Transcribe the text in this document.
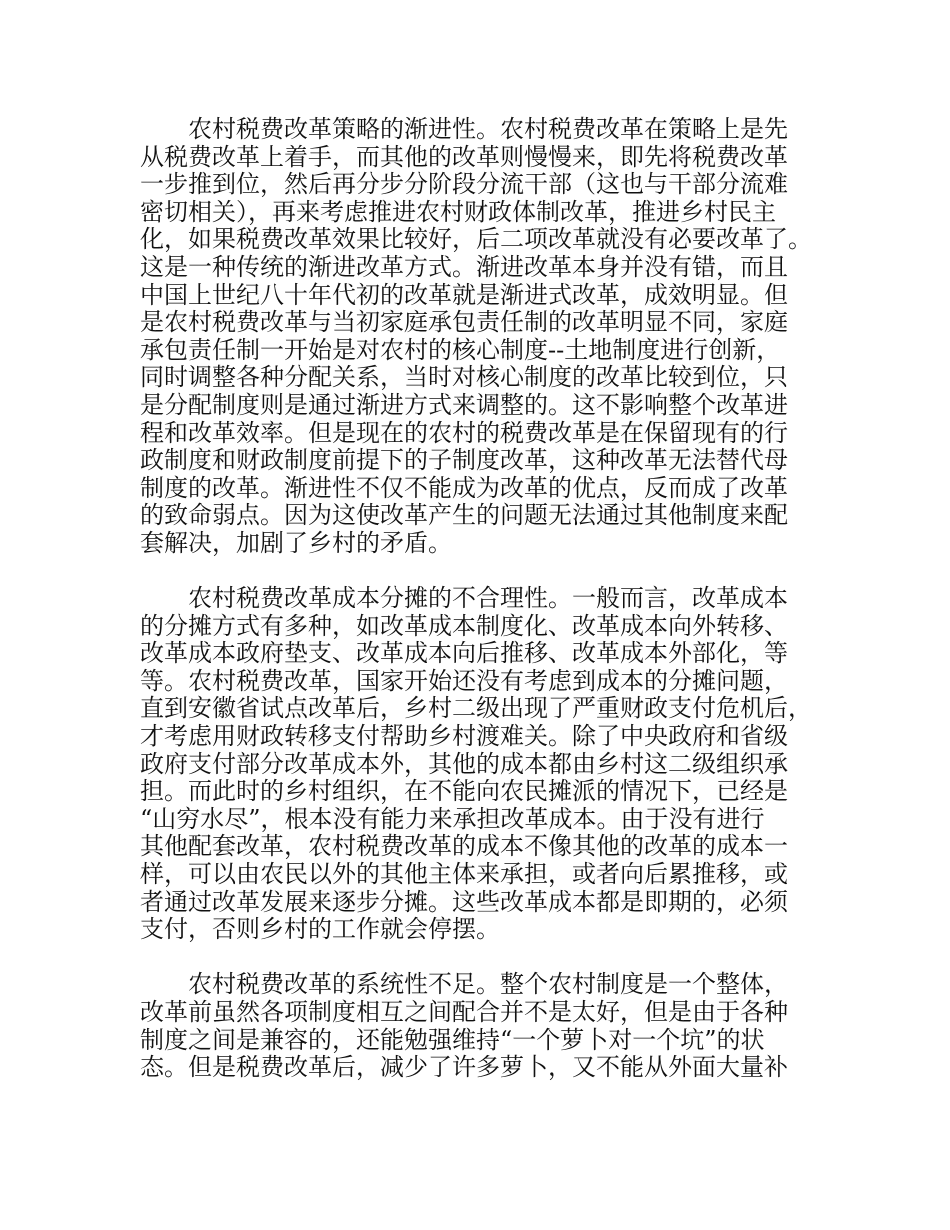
农村税费改革策略的渐进性。农村税费改革在策略上是先
从税费改革上着手，而其他的改革则慢慢来，即先将税费改革
一步推到位，然后再分步分阶段分流干部（这也与干部分流难
密切相关），再来考虑推进农村财政体制改革，推进乡村民主
化，如果税费改革效果比较好，后二项改革就没有必要改革了。
这是一种传统的渐进改革方式。渐进改革本身并没有错，而且
中国上世纪八十年代初的改革就是渐进式改革，成效明显。但
是农村税费改革与当初家庭承包责任制的改革明显不同，家庭
承包责任制一开始是对农村的核心制度--土地制度进行创新，
同时调整各种分配关系，当时对核心制度的改革比较到位，只
是分配制度则是通过渐进方式来调整的。这不影响整个改革进
程和改革效率。但是现在的农村的税费改革是在保留现有的行
政制度和财政制度前提下的子制度改革，这种改革无法替代母
制度的改革。渐进性不仅不能成为改革的优点，反而成了改革
的致命弱点。因为这使改革产生的问题无法通过其他制度来配
套解决，加剧了乡村的矛盾。

农村税费改革成本分摊的不合理性。一般而言，改革成本
的分摊方式有多种，如改革成本制度化、改革成本向外转移、
改革成本政府垫支、改革成本向后推移、改革成本外部化，等
等。农村税费改革，国家开始还没有考虑到成本的分摊问题，
直到安徽省试点改革后，乡村二级出现了严重财政支付危机后，
才考虑用财政转移支付帮助乡村渡难关。除了中央政府和省级
政府支付部分改革成本外，其他的成本都由乡村这二级组织承
担。而此时的乡村组织，在不能向农民摊派的情况下，已经是
“山穷水尽”，根本没有能力来承担改革成本。由于没有进行
其他配套改革，农村税费改革的成本不像其他的改革的成本一
样，可以由农民以外的其他主体来承担，或者向后累推移，或
者通过改革发展来逐步分摊。这些改革成本都是即期的，必须
支付，否则乡村的工作就会停摆。

农村税费改革的系统性不足。整个农村制度是一个整体，
改革前虽然各项制度相互之间配合并不是太好，但是由于各种
制度之间是兼容的，还能勉强维持“一个萝卜对一个坑”的状
态。但是税费改革后，减少了许多萝卜，又不能从外面大量补
